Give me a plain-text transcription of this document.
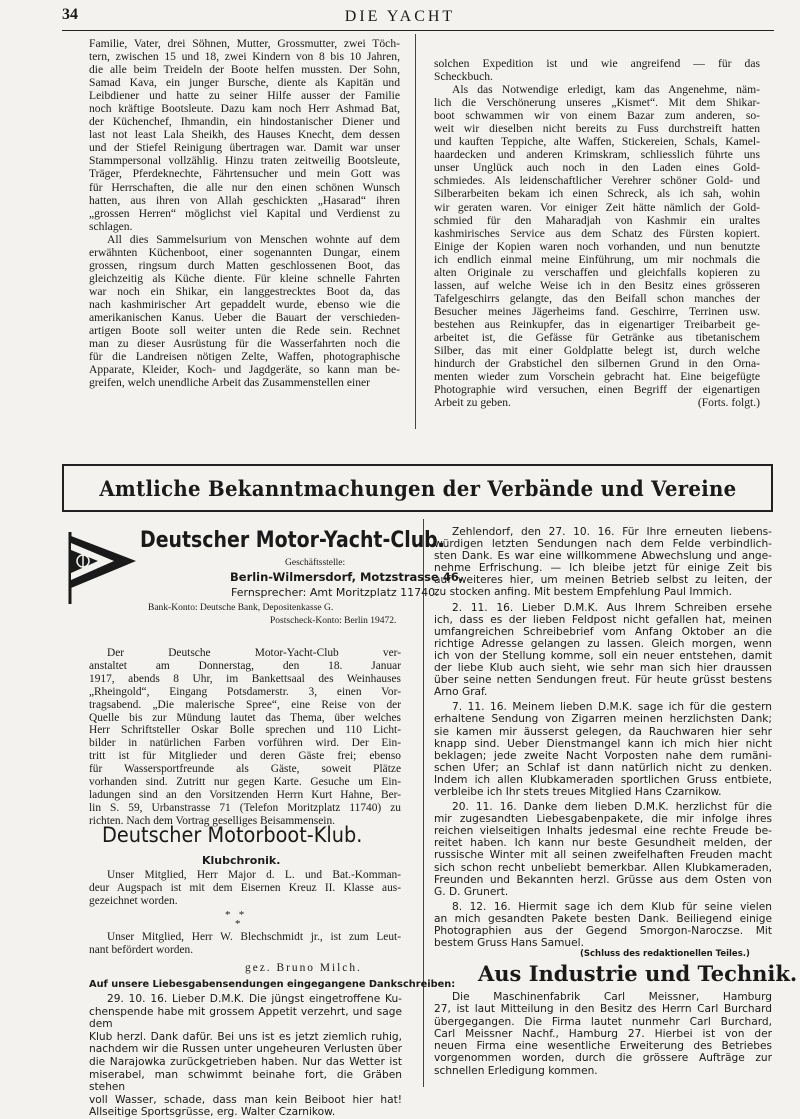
34	DIE YACHT

Familie, Vater, drei Söhnen, Mutter, Grossmutter, zwei Töch-

tern, zwischen 15 und 18, zwei Kindern von 8 bis 10 Jahren,

die alle beim Treideln der Boote helfen mussten. Der Sohn,

Samad Kava, ein junger Bursche, diente als Kapitän und

Leibdiener und hatte zu seiner Hilfe ausser der Familie

noch kräftige Bootsleute. Dazu kam noch Herr Ashmad Bat,

der Küchenchef, Ihmandin, ein hindostanischer Diener und

last not least Lala Sheikh, des Hauses Knecht, dem dessen

und der Stiefel Reinigung übertragen war. Damit war unser

Stammpersonal vollzählig. Hinzu traten zeitweilig Bootsleute,

Träger, Pferdeknechte, Fährtensucher und mein Gott was

für Herrschaften, die alle nur den einen schönen Wunsch

hatten, aus ihren von Allah geschickten „Hasarad“ ihren

„grossen Herren“ möglichst viel Kapital und Verdienst zu

schlagen.

All dies Sammelsurium von Menschen wohnte auf dem

erwähnten Küchenboot, einer sogenannten Dungar, einem

grossen, ringsum durch Matten geschlossenen Boot, das

gleichzeitig als Küche diente. Für kleine schnelle Fahrten

war noch ein Shikar, ein langgestrecktes Boot da, das

nach kashmirischer Art gepaddelt wurde, ebenso wie die

amerikanischen Kanus. Ueber die Bauart der verschieden-

artigen Boote soll weiter unten die Rede sein. Rechnet

man zu dieser Ausrüstung für die Wasserfahrten noch die

für die Landreisen nötigen Zelte, Waffen, photographische

Apparate, Kleider, Koch- und Jagdgeräte, so kann man be-

greifen, welch unendliche Arbeit das Zusammenstellen einer

solchen Expedition ist und wie angreifend — für das

Scheckbuch.

Als das Notwendige erledigt, kam das Angenehme, näm-

lich die Verschönerung unseres „Kismet“. Mit dem Shikar-

boot schwammen wir von einem Bazar zum anderen, so-

weit wir dieselben nicht bereits zu Fuss durchstreift hatten

und kauften Teppiche, alte Waffen, Stickereien, Schals, Kamel-

haardecken und anderen Krimskram, schliesslich führte uns

unser Unglück auch noch in den Laden eines Gold-

schmiedes. Als leidenschaftlicher Verehrer schöner Gold- und

Silberarbeiten bekam ich einen Schreck, als ich sah, wohin

wir geraten waren. Vor einiger Zeit hätte nämlich der Gold-

schmied für den Maharadjah von Kashmir ein uraltes

kashmirisches Service aus dem Schatz des Fürsten kopiert.

Einige der Kopien waren noch vorhanden, und nun benutzte

ich endlich einmal meine Einführung, um mir nochmals die

alten Originale zu verschaffen und gleichfalls kopieren zu

lassen, auf welche Weise ich in den Besitz eines grösseren

Tafelgeschirrs gelangte, das den Beifall schon manches der

Besucher meines Jägerheims fand. Geschirre, Terrinen usw.

bestehen aus Reinkupfer, das in eigenartiger Treibarbeit ge-

arbeitet ist, die Gefässe für Getränke aus tibetanischem

Silber, das mit einer Goldplatte belegt ist, durch welche

hindurch der Grabstichel den silbernen Grund in den Orna-

menten wieder zum Vorschein gebracht hat. Eine beigefügte

Photographie wird versuchen, einen Begriff der eigenartigen

Arbeit zu geben.	(Forts. folgt.)

Amtliche Bekanntmachungen der Verbände und Vereine
Deutscher Motor-Yacht-Club.
Geschäftsstelle:
Berlin-Wilmersdorf, Motzstrasse 46.
Fernsprecher: Amt Moritzplatz 11740.
Bank-Konto: Deutsche Bank, Depositenkasse G.
Postscheck-Konto: Berlin 19472.

Der Deutsche Motor-Yacht-Club ver-

anstaltet am Donnerstag, den 18. Januar

1917, abends 8 Uhr, im Bankettsaal des Weinhauses

„Rheingold“, Eingang Potsdamerstr. 3, einen Vor-

tragsabend. „Die malerische Spree“, eine Reise von der

Quelle bis zur Mündung lautet das Thema, über welches

Herr Schriftsteller Oskar Bolle sprechen und 110 Licht-

bilder in natürlichen Farben vorführen wird. Der Ein-

tritt ist für Mitglieder und deren Gäste frei; ebenso

für Wassersportfreunde als Gäste, soweit Plätze

vorhanden sind. Zutritt nur gegen Karte. Gesuche um Ein-

ladungen sind an den Vorsitzenden Herrn Kurt Hahne, Ber-

lin S. 59, Urbanstrasse 71 (Telefon Moritzplatz 11740) zu

richten. Nach dem Vortrag geselliges Beisammensein.

Deutscher Motorboot-Klub.
Klubchronik.

Unser Mitglied, Herr Major d. L. und Bat.-Komman-

deur Augspach ist mit dem Eisernen Kreuz II. Klasse aus-

gezeichnet worden.

*   *
*

Unser Mitglied, Herr W. Blechschmidt jr., ist zum Leut-

nant befördert worden.

gez. Bruno Milch.
Auf unsere Liebesgabensendungen eingegangene Dankschreiben:

29. 10. 16. Lieber D.M.K. Die jüngst eingetroffene Ku-

chenspende habe mit grossem Appetit verzehrt, und sage dem

Klub herzl. Dank dafür. Bei uns ist es jetzt ziemlich ruhig,

nachdem wir die Russen unter ungeheuren Verlusten über

die Narajowka zurückgetrieben haben. Nur das Wetter ist

miserabel, man schwimmt beinahe fort, die Gräben stehen

voll Wasser, schade, dass man kein Beiboot hier hat!

Allseitige Sportsgrüsse, erg. Walter Czarnikow.

Zehlendorf, den 27. 10. 16. Für Ihre erneuten liebens-

würdigen letzten Sendungen nach dem Felde verbindlich-

sten Dank. Es war eine willkommene Abwechslung und ange-

nehme Erfrischung. — Ich bleibe jetzt für einige Zeit bis

auf weiteres hier, um meinen Betrieb selbst zu leiten, der

zu stocken anfing. Mit bestem Empfehlung Paul Immich.

2. 11. 16. Lieber D.M.K. Aus Ihrem Schreiben ersehe

ich, dass es der lieben Feldpost nicht gefallen hat, meinen

umfangreichen Schreibebrief vom Anfang Oktober an die

richtige Adresse gelangen zu lassen. Gleich morgen, wenn

ich von der Stellung komme, soll ein neuer entstehen, damit

der liebe Klub auch sieht, wie sehr man sich hier draussen

über seine netten Sendungen freut. Für heute grüsst bestens

Arno Graf.

7. 11. 16. Meinem lieben D.M.K. sage ich für die gestern

erhaltene Sendung von Zigarren meinen herzlichsten Dank;

sie kamen mir äusserst gelegen, da Rauchwaren hier sehr

knapp sind. Ueber Dienstmangel kann ich mich hier nicht

beklagen; jede zweite Nacht Vorposten nahe dem rumäni-

schen Ufer; an Schlaf ist dann natürlich nicht zu denken.

Indem ich allen Klubkameraden sportlichen Gruss entbiete,

verbleibe ich Ihr stets treues Mitglied Hans Czarnikow.

20. 11. 16. Danke dem lieben D.M.K. herzlichst für die

mir zugesandten Liebesgabenpakete, die mir infolge ihres

reichen vielseitigen Inhalts jedesmal eine rechte Freude be-

reitet haben. Ich kann nur beste Gesundheit melden, der

russische Winter mit all seinen zweifelhaften Freuden macht

sich schon recht unbeliebt bemerkbar. Allen Klubkameraden,

Freunden und Bekannten herzl. Grüsse aus dem Osten von

G. D. Grunert.

8. 12. 16. Hiermit sage ich dem Klub für seine vielen

an mich gesandten Pakete besten Dank. Beiliegend einige

Photographien aus der Gegend Smorgon-Naroczse. Mit

bestem Gruss Hans Samuel.

(Schluss des redaktionellen Teiles.)
Aus Industrie und Technik.

Die Maschinenfabrik Carl Meissner, Hamburg

27, ist laut Mitteilung in den Besitz des Herrn Carl Burchard

übergegangen. Die Firma lautet nunmehr Carl Burchard,

Carl Meissner Nachf., Hamburg 27. Hierbei ist von der

neuen Firma eine wesentliche Erweiterung des Betriebes

vorgenommen worden, durch die grössere Aufträge zur

schnellen Erledigung kommen.
